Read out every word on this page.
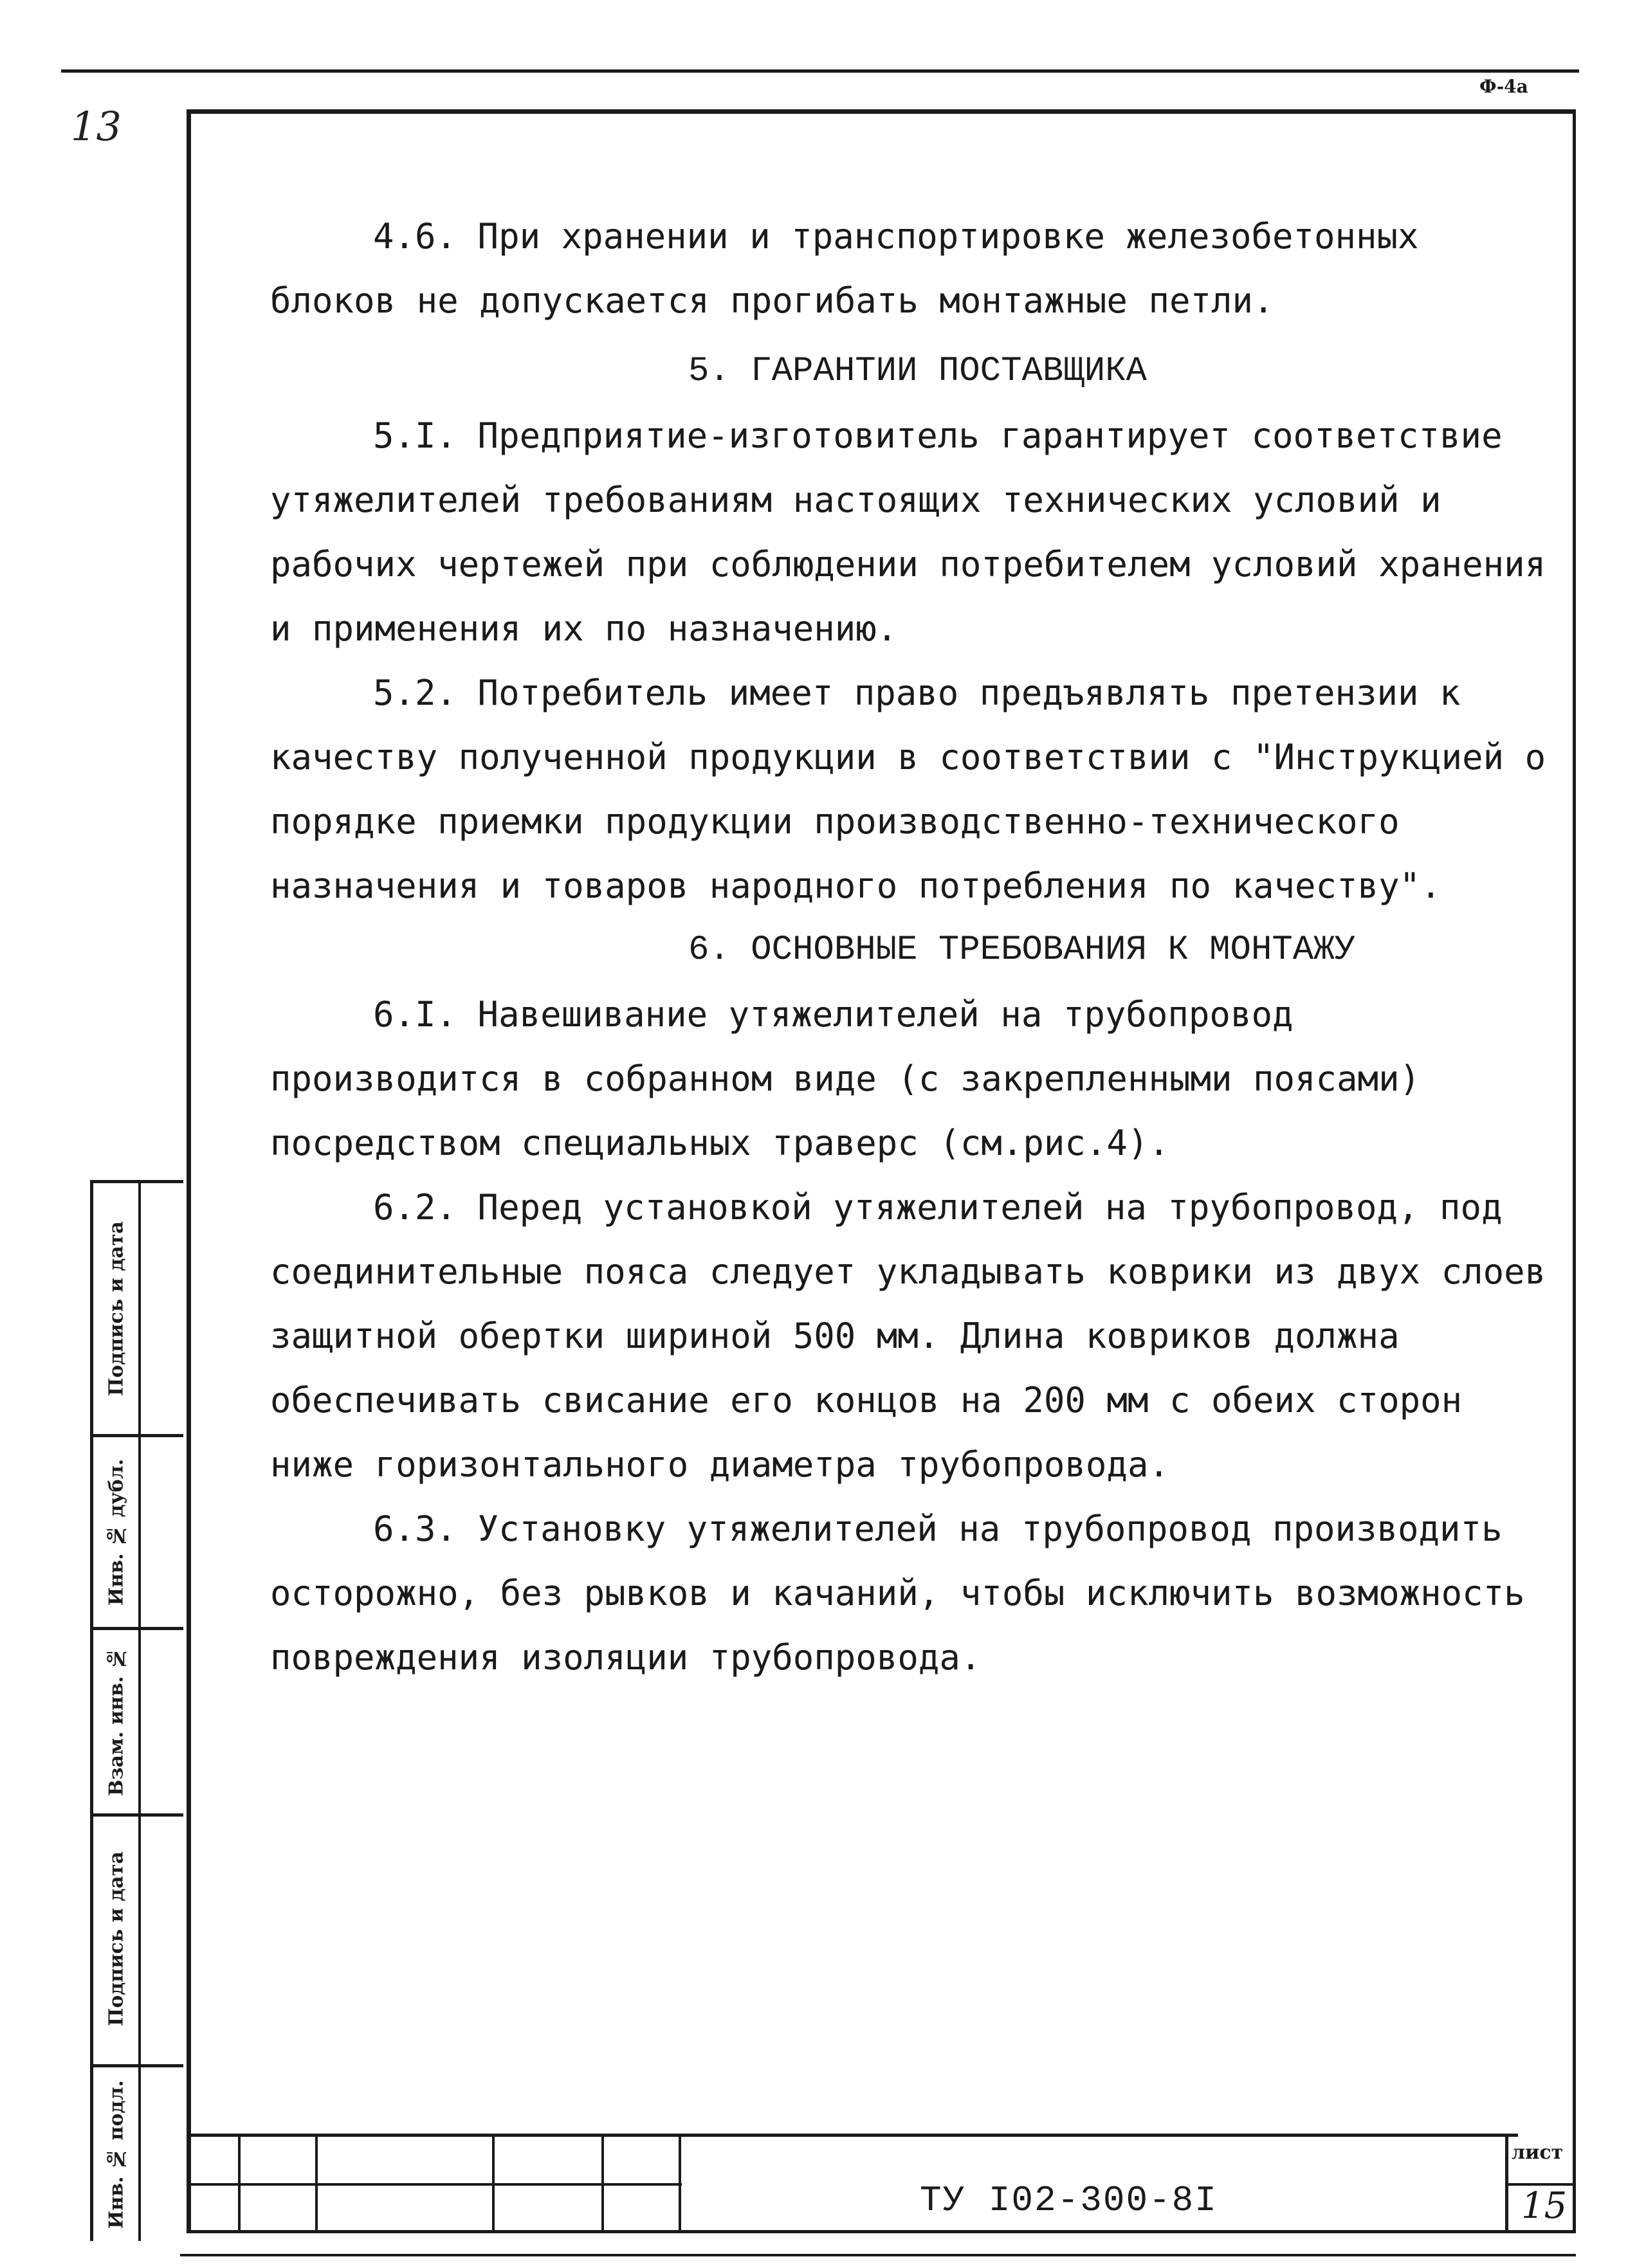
13
Ф-4а

4.6. При хранении и транспортировке железобетонных блоков не допускается прогибать монтажные петли.

5. ГАРАНТИИ ПОСТАВЩИКА

5.I. Предприятие-изготовитель гарантирует соответствие утяжелителей требованиям настоящих технических условий и рабочих чертежей при соблюдении потребителем условий хранения и применения их по назначению.

5.2. Потребитель имеет право предъявлять претензии к качеству полученной продукции в соответствии с "Инструкцией о порядке приемки продукции производственно-технического назначения и товаров народного потребления по качеству".

6. ОСНОВНЫЕ ТРЕБОВАНИЯ К МОНТАЖУ

6.I. Навешивание утяжелителей на трубопровод производится в собранном виде (с закрепленными поясами) посредством специальных траверс (см.рис.4).

6.2. Перед установкой утяжелителей на трубопровод, под соединительные пояса следует укладывать коврики из двух слоев защитной обертки шириной 500 мм. Длина ковриков должна обеспечивать свисание его концов на 200 мм с обеих сторон ниже горизонтального диаметра трубопровода.

6.3. Установку утяжелителей на трубопровод производить осторожно, без рывков и качаний, чтобы исключить возможность повреждения изоляции трубопровода.

Подпись и дата
Инв. № дубл.
Взам. инв. №
Подпись и дата
Инв. № подл.	ТУ I02-300-8I
лист
15
